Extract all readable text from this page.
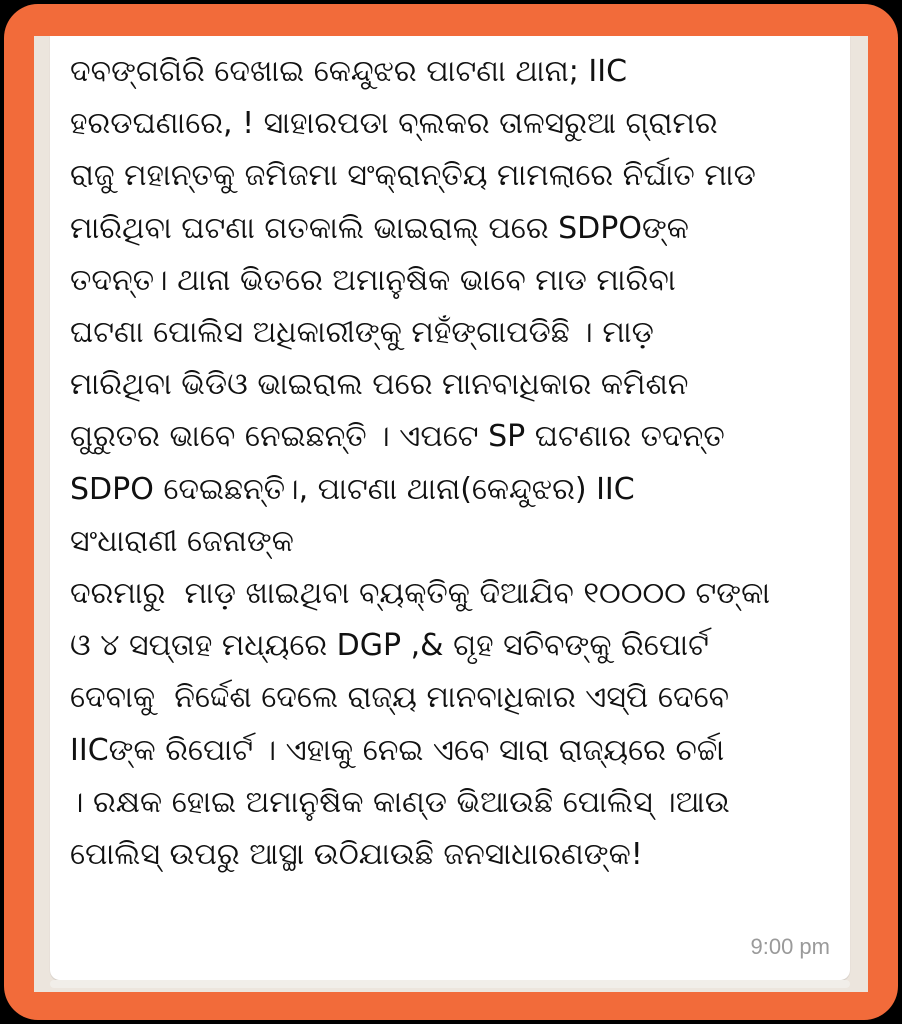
ଦବଙ୍ଗଗିରି ଦେଖାଇ କେନ୍ଦୁଝର ପାଟଣା ଥାନା; IIC
ହରଡଘଣାରେ, ! ସାହାରପଡା ବ୍ଲକର ତାଳସରୁଆ ଗ୍ରାମର
ରାଜୁ ମହାନ୍ତକୁ ଜମିଜମା ସଂକ୍ରାନ୍ତିୟ ମାମଲାରେ ନିର୍ଘାତ ମାଡ
ମାରିଥିବା ଘଟଣା ଗତକାଲି ଭାଇରାଲ୍ ପରେ SDPOଙ୍କ
ତଦନ୍ତ। ଥାନା ଭିତରେ ଅମାନୁଷିକ ଭାବେ ମାଡ ମାରିବା
ଘଟଣା ପୋଲିସ ଅଧିକାରୀଙ୍କୁ ମହଁଙ୍ଗାପଡିଛି । ମାଡ଼
ମାରିଥିବା ଭିଡିଓ ଭାଇରାଲ ପରେ ମାନବାଧିକାର କମିଶନ
ଗୁରୁତର ଭାବେ ନେଇଛନ୍ତି । ଏପଟେ SP ଘଟଣାର ତଦନ୍ତ
SDPO ଦେଇଛନ୍ତି।, ପାଟଣା ଥାନା(କେନ୍ଦୁଝର) IIC
ସଂଧାରାଣୀ ଜେନାଙ୍କ
ଦରମାରୁ  ମାଡ଼ ଖାଇଥିବା ବ୍ୟକ୍ତିକୁ ଦିଆଯିବ ୧୦୦୦୦ ଟଙ୍କା
ଓ ୪ ସପ୍ତାହ ମଧ୍ୟରେ DGP ,& ଗୃହ ସଚିବଙ୍କୁ ରିପୋର୍ଟ
ଦେବାକୁ  ନିର୍ଦ୍ଦେଶ ଦେଲେ ରାଜ୍ୟ ମାନବାଧିକାର ଏସ୍ପି ଦେବେ
IICଙ୍କ ରିପୋର୍ଟ । ଏହାକୁ ନେଇ ଏବେ ସାରା ରାଜ୍ୟରେ ଚର୍ଚ୍ଚା
। ରକ୍ଷକ ହୋଇ ଅମାନୁଷିକ କାଣ୍ଡ ଭିଆଉଛି ପୋଲିସ୍ ।ଆଉ
ପୋଲିସ୍ ଉପରୁ ଆସ୍ଥା ଉଠିଯାଉଛି ଜନସାଧାରଣଙ୍କ!

9:00 pm
